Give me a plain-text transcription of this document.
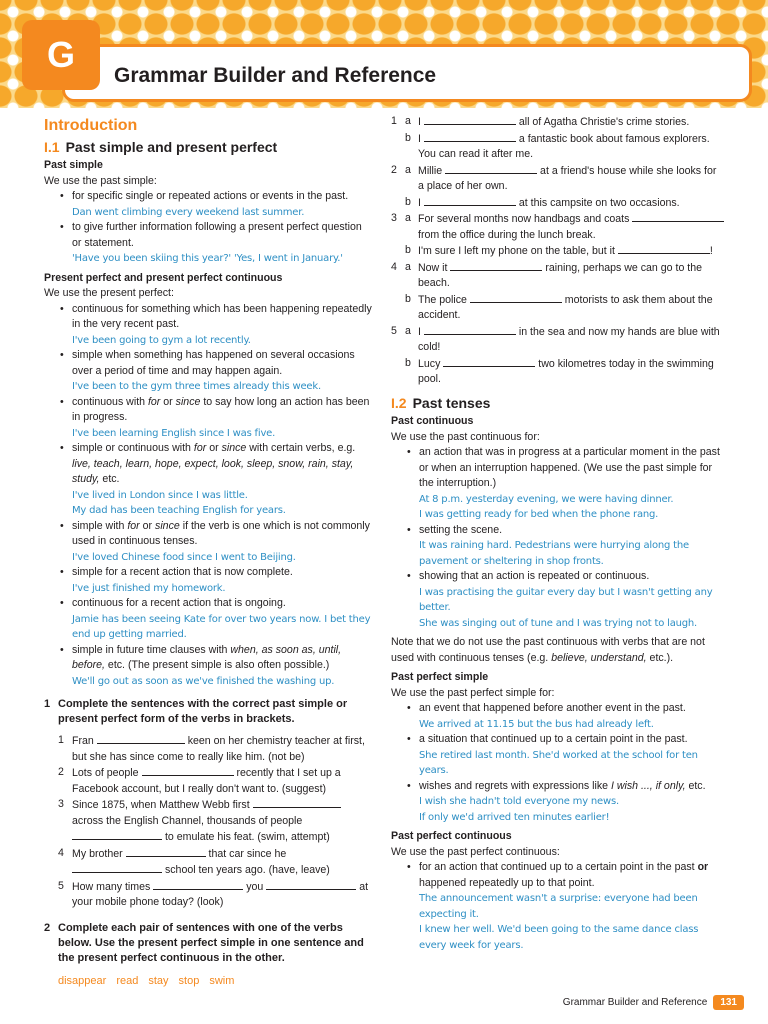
G
Grammar Builder and Reference
Introduction
I.1 Past simple and present perfect
Past simple

We use the past simple:

• for specific single or repeated actions or events in the past.
Dan went climbing every weekend last summer.
• to give further information following a present perfect question or statement.
'Have you been skiing this year?' 'Yes, I went in January.'
Present perfect and present perfect continuous

We use the present perfect:

• continuous for something which has been happening repeatedly in the very recent past.
I've been going to gym a lot recently.
• simple when something has happened on several occasions over a period of time and may happen again.
I've been to the gym three times already this week.
• continuous with for or since to say how long an action has been in progress.
I've been learning English since I was five.
• simple or continuous with for or since with certain verbs, e.g. live, teach, learn, hope, expect, look, sleep, snow, rain, stay, study, etc.
I've lived in London since I was little.
My dad has been teaching English for years.
• simple with for or since if the verb is one which is not commonly used in continuous tenses.
I've loved Chinese food since I went to Beijing.
• simple for a recent action that is now complete.
I've just finished my homework.
• continuous for a recent action that is ongoing.
Jamie has been seeing Kate for over two years now. I bet they end up getting married.
• simple in future time clauses with when, as soon as, until, before, etc. (The present simple is also often possible.)
We'll go out as soon as we've finished the washing up.
1 Complete the sentences with the correct past simple or present perfect form of the verbs in brackets.
1 Fran	keen on her chemistry teacher at first, but she has since come to really like him. (not be)
2 Lots of people	recently that I set up a Facebook account, but I really don't want to. (suggest)
3 Since 1875, when Matthew Webb first  across the English Channel, thousands of people  to emulate his feat. (swim, attempt)
4 My brother	that car since he  school ten years ago. (have, leave)
5 How many times	you	at your mobile phone today? (look)
2 Complete each pair of sentences with one of the verbs below. Use the present perfect simple in one sentence and the present perfect continuous in the other.
disappear read stay stop swim
1 a I	all of Agatha Christie's crime stories.
b I	a fantastic book about famous explorers. You can read it after me.
2 a Millie	at a friend's house while she looks for a place of her own.
b I	at this campsite on two occasions.
3 a For several months now handbags and coats  from the office during the lunch break.
b I'm sure I left my phone on the table, but it	!
4 a Now it	raining, perhaps we can go to the beach.
b The police	motorists to ask them about the accident.
5 a I	in the sea and now my hands are blue with cold!
b Lucy	two kilometres today in the swimming pool.
I.2 Past tenses
Past continuous

We use the past continuous for:

• an action that was in progress at a particular moment in the past or when an interruption happened. (We use the past simple for the interruption.)
At 8 p.m. yesterday evening, we were having dinner.
I was getting ready for bed when the phone rang.
• setting the scene.
It was raining hard. Pedestrians were hurrying along the pavement or sheltering in shop fronts.
• showing that an action is repeated or continuous.
I was practising the guitar every day but I wasn't getting any better.
She was singing out of tune and I was trying not to laugh.

Note that we do not use the past continuous with verbs that are not used with continuous tenses (e.g. believe, understand, etc.).

Past perfect simple

We use the past perfect simple for:

• an event that happened before another event in the past.
We arrived at 11.15 but the bus had already left.
• a situation that continued up to a certain point in the past.
She retired last month. She'd worked at the school for ten years.
• wishes and regrets with expressions like I wish ..., if only, etc.
I wish she hadn't told everyone my news.
If only we'd arrived ten minutes earlier!
Past perfect continuous

We use the past perfect continuous:

• for an action that continued up to a certain point in the past or happened repeatedly up to that point.
The announcement wasn't a surprise: everyone had been expecting it.
I knew her well. We'd been going to the same dance class every week for years.
Grammar Builder and Reference	131
